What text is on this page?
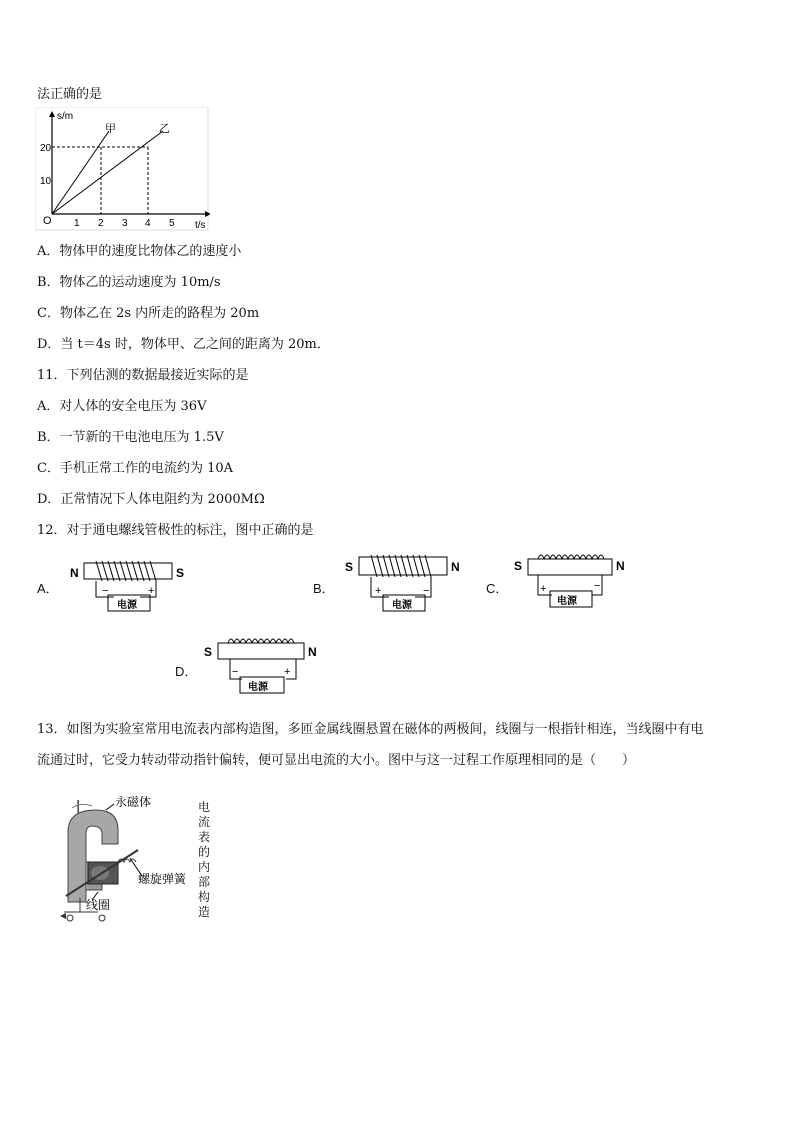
法正确的是
s/m
t/s
O
10
20
1 2 3 4 5
甲	乙
A．物体甲的速度比物体乙的速度小
B．物体乙的运动速度为 10m/s
C．物体乙在 2s 内所走的路程为 20m
D．当 t＝4s 时，物体甲、乙之间的距离为 20m．
11．下列估测的数据最接近实际的是
A．对人体的安全电压为 36V
B．一节新的干电池电压为 1.5V
C．手机正常工作的电流约为 10A
D．正常情况下人体电阻约为 2000MΩ
12．对于通电螺线管极性的标注，图中正确的是
A．
N	S
−	+
电源
B．
S	N
+	−
电源
C．
S	N
+	−
电源
D．
S	N
−	+
电源
13．如图为实验室常用电流表内部构造图，多匝金属线圈悬置在磁体的两极间，线圈与一根指针相连，当线圈中有电
流通过时，它受力转动带动指针偏转，便可显出电流的大小。图中与这一过程工作原理相同的是（　　）
永磁体
螺旋弹簧
线圈
电流表的内部构造
